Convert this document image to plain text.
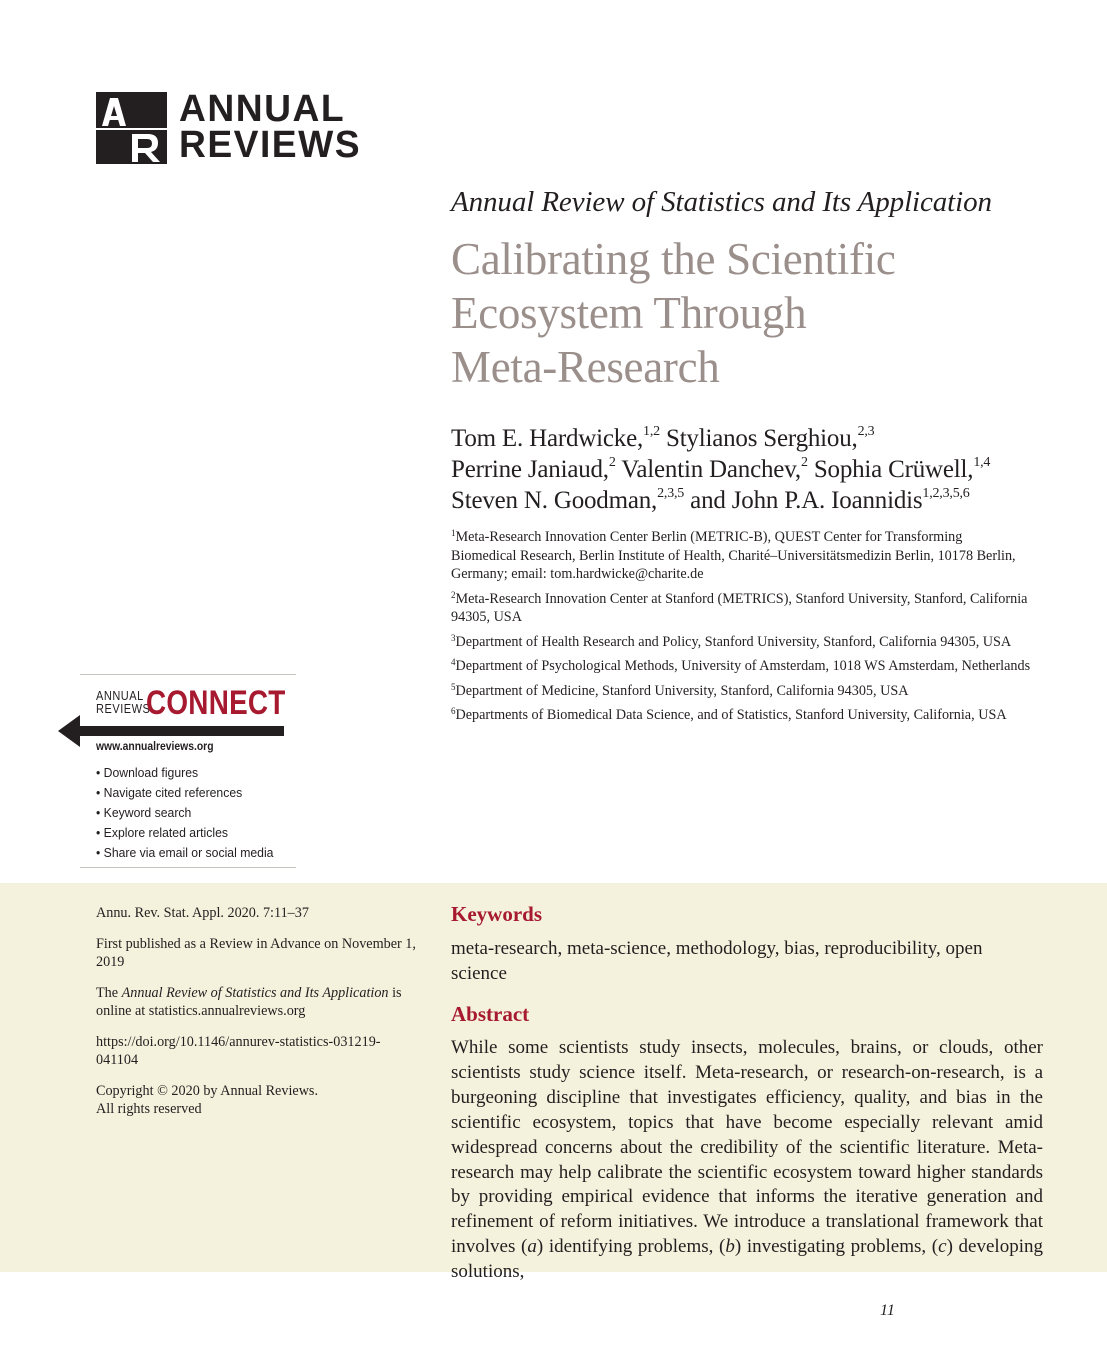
ANNUAL
REVIEWS
Annual Review of Statistics and Its Application
Calibrating the Scientific
Ecosystem Through
Meta-Research
Tom E. Hardwicke,$^{1,2}$ Stylianos Serghiou,$^{2,3}$
Perrine Janiaud,$^2$ Valentin Danchev,$^2$ Sophia Crüwell,$^{1,4}$
Steven N. Goodman,$^{2,3,5}$ and John P.A. Ioannidis$^{1,2,3,5,6}$
$^1$Meta-Research Innovation Center Berlin (METRIC-B), QUEST Center for Transforming Biomedical Research, Berlin Institute of Health, Charité–Universitätsmedizin Berlin, 10178 Berlin, Germany; email: tom.hardwicke@charite.de
$^2$Meta-Research Innovation Center at Stanford (METRICS), Stanford University, Stanford, California 94305, USA
$^3$Department of Health Research and Policy, Stanford University, Stanford, California 94305, USA
$^4$Department of Psychological Methods, University of Amsterdam, 1018 WS Amsterdam, Netherlands
$^5$Department of Medicine, Stanford University, Stanford, California 94305, USA
$^6$Departments of Biomedical Data Science, and of Statistics, Stanford University, California, USA
ANNUAL
REVIEWS
CONNECT
www.annualreviews.org
• Download figures
• Navigate cited references
• Keyword search
• Explore related articles
• Share via email or social media

Annu. Rev. Stat. Appl. 2020. 7:11–37

First published as a Review in Advance on November 1, 2019

The Annual Review of Statistics and Its Application is online at statistics.annualreviews.org

https://doi.org/10.1146/annurev-statistics-031219-041104

Copyright © 2020 by Annual Reviews.
All rights reserved

Keywords
meta-research, meta-science, methodology, bias, reproducibility, open science
Abstract
While some scientists study insects, molecules, brains, or clouds, other scientists study science itself. Meta-research, or research-on-research, is a burgeoning discipline that investigates efficiency, quality, and bias in the scientific ecosystem, topics that have become especially relevant amid widespread concerns about the credibility of the scientific literature. Meta-research may help calibrate the scientific ecosystem toward higher standards by providing empirical evidence that informs the iterative generation and refinement of reform initiatives. We introduce a translational framework that involves (a) identifying problems, (b) investigating problems, (c) developing solutions,
11
